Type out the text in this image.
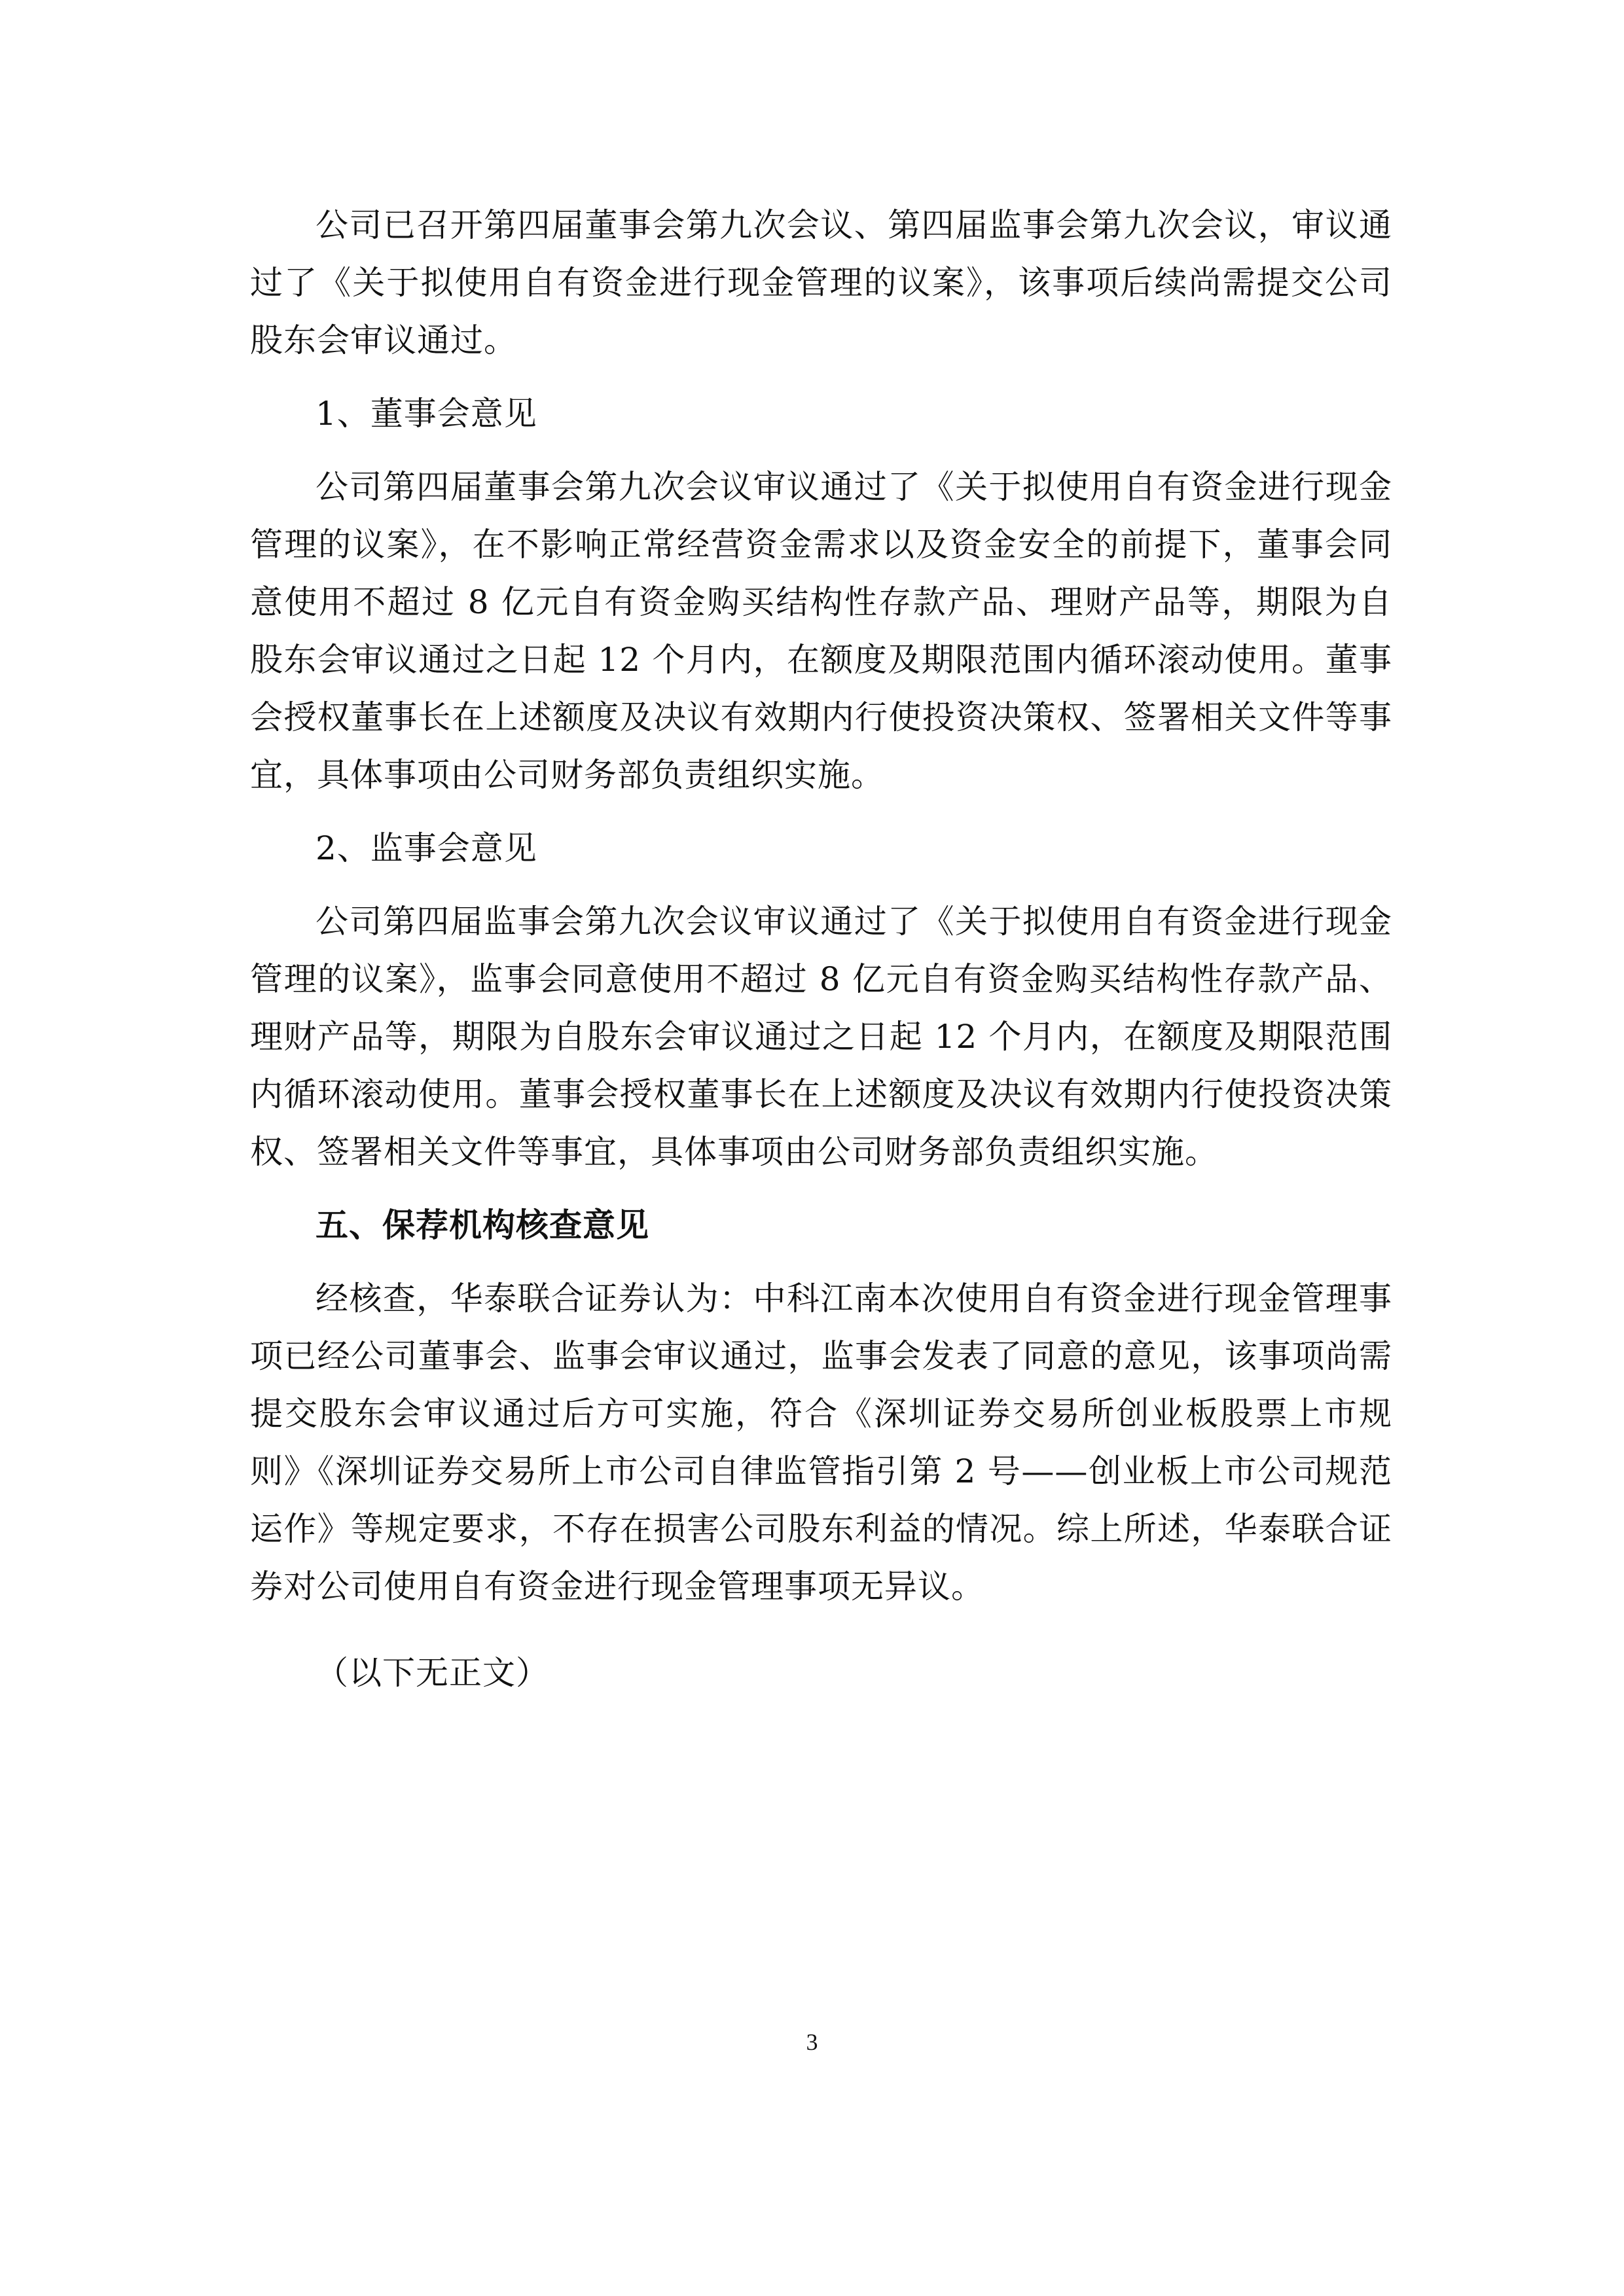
公司已召开第四届董事会第九次会议、第四届监事会第九次会议，审议通过了《关于拟使用自有资金进行现金管理的议案》，该事项后续尚需提交公司股东会审议通过。

1、董事会意见

公司第四届董事会第九次会议审议通过了《关于拟使用自有资金进行现金管理的议案》，在不影响正常经营资金需求以及资金安全的前提下，董事会同意使用不超过 8 亿元自有资金购买结构性存款产品、理财产品等，期限为自股东会审议通过之日起 12 个月内，在额度及期限范围内循环滚动使用。董事会授权董事长在上述额度及决议有效期内行使投资决策权、签署相关文件等事宜，具体事项由公司财务部负责组织实施。

2、监事会意见

公司第四届监事会第九次会议审议通过了《关于拟使用自有资金进行现金管理的议案》，监事会同意使用不超过 8 亿元自有资金购买结构性存款产品、理财产品等，期限为自股东会审议通过之日起 12 个月内，在额度及期限范围内循环滚动使用。董事会授权董事长在上述额度及决议有效期内行使投资决策权、签署相关文件等事宜，具体事项由公司财务部负责组织实施。

五、保荐机构核查意见

经核查，华泰联合证券认为：中科江南本次使用自有资金进行现金管理事项已经公司董事会、监事会审议通过，监事会发表了同意的意见，该事项尚需提交股东会审议通过后方可实施，符合《深圳证券交易所创业板股票上市规则》《深圳证券交易所上市公司自律监管指引第 2 号——创业板上市公司规范运作》等规定要求，不存在损害公司股东利益的情况。综上所述，华泰联合证券对公司使用自有资金进行现金管理事项无异议。

（以下无正文）

3
